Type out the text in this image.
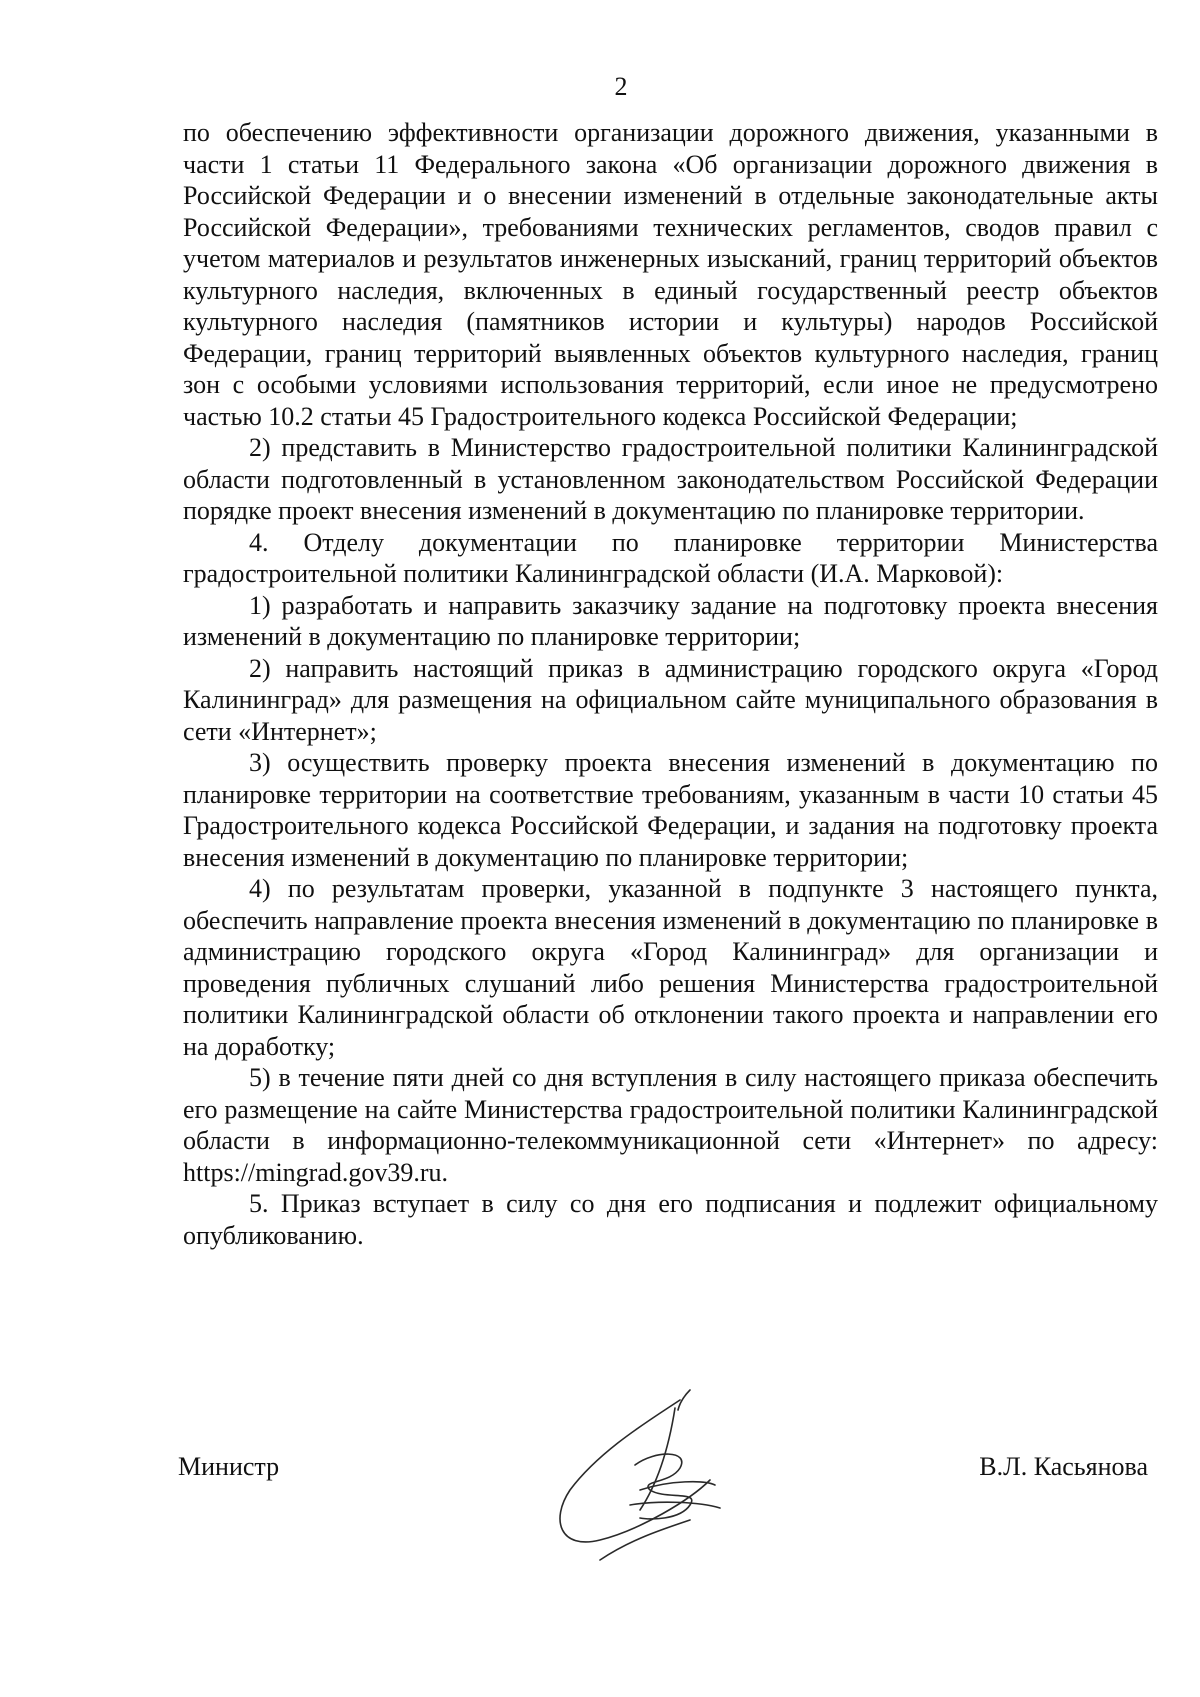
2

по обеспечению эффективности организации дорожного движения, указанными в части 1 статьи 11 Федерального закона «Об организации дорожного движения в Российской Федерации и о внесении изменений в отдельные законодательные акты Российской Федерации», требованиями технических регламентов, сводов правил с учетом материалов и результатов инженерных изысканий, границ территорий объектов культурного наследия, включенных в единый государственный реестр объектов культурного наследия (памятников истории и культуры) народов Российской Федерации, границ территорий выявленных объектов культурного наследия, границ зон с особыми условиями использования территорий, если иное не предусмотрено частью 10.2 статьи 45 Градостроительного кодекса Российской Федерации;

2) представить в Министерство градостроительной политики Калининградской области подготовленный в установленном законодательством Российской Федерации порядке проект внесения изменений в документацию по планировке территории.

4. Отделу документации по планировке территории Министерства градостроительной политики Калининградской области (И.А. Марковой):

1) разработать и направить заказчику задание на подготовку проекта внесения изменений в документацию по планировке территории;

2) направить настоящий приказ в администрацию городского округа «Город Калининград» для размещения на официальном сайте муниципального образования в сети «Интернет»;

3) осуществить проверку проекта внесения изменений в документацию по планировке территории на соответствие требованиям, указанным в части 10 статьи 45 Градостроительного кодекса Российской Федерации, и задания на подготовку проекта внесения изменений в документацию по планировке территории;

4) по результатам проверки, указанной в подпункте 3 настоящего пункта, обеспечить направление проекта внесения изменений в документацию по планировке в администрацию городского округа «Город Калининград» для организации и проведения публичных слушаний либо решения Министерства градостроительной политики Калининградской области об отклонении такого проекта и направлении его на доработку;

5) в течение пяти дней со дня вступления в силу настоящего приказа обеспечить его размещение на сайте Министерства градостроительной политики Калининградской области в информационно-телекоммуникационной сети «Интернет» по адресу: https://mingrad.gov39.ru.

5. Приказ вступает в силу со дня его подписания и подлежит официальному опубликованию.

Министр	В.Л. Касьянова
